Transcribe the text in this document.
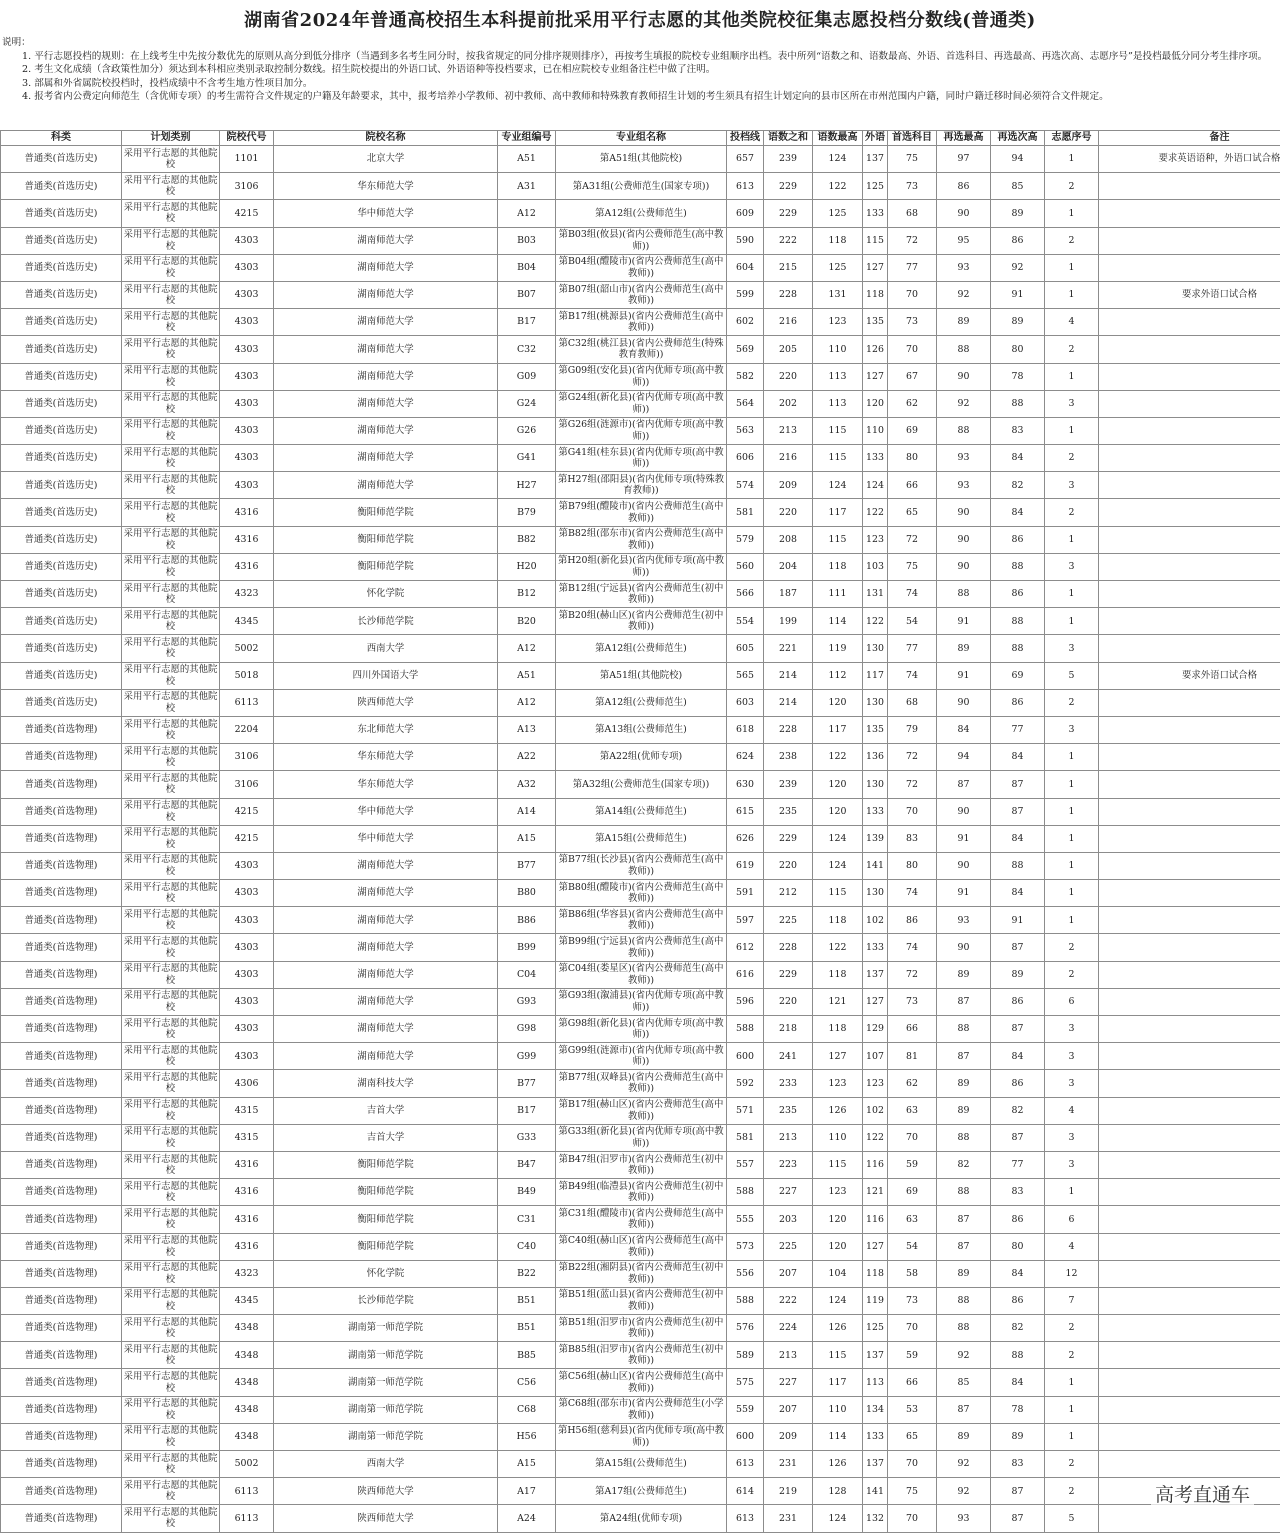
湖南省2024年普通高校招生本科提前批采用平行志愿的其他类院校征集志愿投档分数线(普通类)
说明：
1. 平行志愿投档的规则：在上线考生中先按分数优先的原则从高分到低分排序（当遇到多名考生同分时，按我省规定的同分排序规则排序），再按考生填报的院校专业组顺序出档。表中所列“语数之和、语数最高、外语、首选科目、再选最高、再选次高、志愿序号”是投档最低分同分考生排序项。
2. 考生文化成绩（含政策性加分）须达到本科相应类别录取控制分数线。招生院校提出的外语口试、外语语种等投档要求，已在相应院校专业组备注栏中做了注明。
3. 部属和外省属院校投档时，投档成绩中不含考生地方性项目加分。
4. 报考省内公费定向师范生（含优师专项）的考生需符合文件规定的户籍及年龄要求，其中，报考培养小学教师、初中教师、高中教师和特殊教育教师招生计划的考生须具有招生计划定向的县市区所在市州范围内户籍，同时户籍迁移时间必须符合文件规定。
科类	计划类别	院校代号	院校名称	专业组编号	专业组名称	投档线	语数之和	语数最高	外语	首选科目	再选最高	再选次高	志愿序号	备注
普通类(首选历史)	采用平行志愿的其他院校	1101	北京大学	A51	第A51组(其他院校)	657	239	124	137	75	97	94	1	要求英语语种，外语口试合格
普通类(首选历史)	采用平行志愿的其他院校	3106	华东师范大学	A31	第A31组(公费师范生(国家专项))	613	229	122	125	73	86	85	2	
普通类(首选历史)	采用平行志愿的其他院校	4215	华中师范大学	A12	第A12组(公费师范生)	609	229	125	133	68	90	89	1	
普通类(首选历史)	采用平行志愿的其他院校	4303	湖南师范大学	B03	第B03组(攸县)(省内公费师范生(高中教师))	590	222	118	115	72	95	86	2	
普通类(首选历史)	采用平行志愿的其他院校	4303	湖南师范大学	B04	第B04组(醴陵市)(省内公费师范生(高中教师))	604	215	125	127	77	93	92	1	
普通类(首选历史)	采用平行志愿的其他院校	4303	湖南师范大学	B07	第B07组(韶山市)(省内公费师范生(高中教师))	599	228	131	118	70	92	91	1	要求外语口试合格
普通类(首选历史)	采用平行志愿的其他院校	4303	湖南师范大学	B17	第B17组(桃源县)(省内公费师范生(高中教师))	602	216	123	135	73	89	89	4	
普通类(首选历史)	采用平行志愿的其他院校	4303	湖南师范大学	C32	第C32组(桃江县)(省内公费师范生(特殊教育教师))	569	205	110	126	70	88	80	2	
普通类(首选历史)	采用平行志愿的其他院校	4303	湖南师范大学	G09	第G09组(安化县)(省内优师专项(高中教师))	582	220	113	127	67	90	78	1	
普通类(首选历史)	采用平行志愿的其他院校	4303	湖南师范大学	G24	第G24组(新化县)(省内优师专项(高中教师))	564	202	113	120	62	92	88	3	
普通类(首选历史)	采用平行志愿的其他院校	4303	湖南师范大学	G26	第G26组(涟源市)(省内优师专项(高中教师))	563	213	115	110	69	88	83	1	
普通类(首选历史)	采用平行志愿的其他院校	4303	湖南师范大学	G41	第G41组(桂东县)(省内优师专项(高中教师))	606	216	115	133	80	93	84	2	
普通类(首选历史)	采用平行志愿的其他院校	4303	湖南师范大学	H27	第H27组(邵阳县)(省内优师专项(特殊教育教师))	574	209	124	124	66	93	82	3	
普通类(首选历史)	采用平行志愿的其他院校	4316	衡阳师范学院	B79	第B79组(醴陵市)(省内公费师范生(高中教师))	581	220	117	122	65	90	84	2	
普通类(首选历史)	采用平行志愿的其他院校	4316	衡阳师范学院	B82	第B82组(邵东市)(省内公费师范生(高中教师))	579	208	115	123	72	90	86	1	
普通类(首选历史)	采用平行志愿的其他院校	4316	衡阳师范学院	H20	第H20组(新化县)(省内优师专项(高中教师))	560	204	118	103	75	90	88	3	
普通类(首选历史)	采用平行志愿的其他院校	4323	怀化学院	B12	第B12组(宁远县)(省内公费师范生(初中教师))	566	187	111	131	74	88	86	1	
普通类(首选历史)	采用平行志愿的其他院校	4345	长沙师范学院	B20	第B20组(赫山区)(省内公费师范生(初中教师))	554	199	114	122	54	91	88	1	
普通类(首选历史)	采用平行志愿的其他院校	5002	西南大学	A12	第A12组(公费师范生)	605	221	119	130	77	89	88	3	
普通类(首选历史)	采用平行志愿的其他院校	5018	四川外国语大学	A51	第A51组(其他院校)	565	214	112	117	74	91	69	5	要求外语口试合格
普通类(首选历史)	采用平行志愿的其他院校	6113	陕西师范大学	A12	第A12组(公费师范生)	603	214	120	130	68	90	86	2	
普通类(首选物理)	采用平行志愿的其他院校	2204	东北师范大学	A13	第A13组(公费师范生)	618	228	117	135	79	84	77	3	
普通类(首选物理)	采用平行志愿的其他院校	3106	华东师范大学	A22	第A22组(优师专项)	624	238	122	136	72	94	84	1	
普通类(首选物理)	采用平行志愿的其他院校	3106	华东师范大学	A32	第A32组(公费师范生(国家专项))	630	239	120	130	72	87	87	1	
普通类(首选物理)	采用平行志愿的其他院校	4215	华中师范大学	A14	第A14组(公费师范生)	615	235	120	133	70	90	87	1	
普通类(首选物理)	采用平行志愿的其他院校	4215	华中师范大学	A15	第A15组(公费师范生)	626	229	124	139	83	91	84	1	
普通类(首选物理)	采用平行志愿的其他院校	4303	湖南师范大学	B77	第B77组(长沙县)(省内公费师范生(高中教师))	619	220	124	141	80	90	88	1	
普通类(首选物理)	采用平行志愿的其他院校	4303	湖南师范大学	B80	第B80组(醴陵市)(省内公费师范生(高中教师))	591	212	115	130	74	91	84	1	
普通类(首选物理)	采用平行志愿的其他院校	4303	湖南师范大学	B86	第B86组(华容县)(省内公费师范生(高中教师))	597	225	118	102	86	93	91	1	
普通类(首选物理)	采用平行志愿的其他院校	4303	湖南师范大学	B99	第B99组(宁远县)(省内公费师范生(高中教师))	612	228	122	133	74	90	87	2	
普通类(首选物理)	采用平行志愿的其他院校	4303	湖南师范大学	C04	第C04组(娄星区)(省内公费师范生(高中教师))	616	229	118	137	72	89	89	2	
普通类(首选物理)	采用平行志愿的其他院校	4303	湖南师范大学	G93	第G93组(溆浦县)(省内优师专项(高中教师))	596	220	121	127	73	87	86	6	
普通类(首选物理)	采用平行志愿的其他院校	4303	湖南师范大学	G98	第G98组(新化县)(省内优师专项(高中教师))	588	218	118	129	66	88	87	3	
普通类(首选物理)	采用平行志愿的其他院校	4303	湖南师范大学	G99	第G99组(涟源市)(省内优师专项(高中教师))	600	241	127	107	81	87	84	3	
普通类(首选物理)	采用平行志愿的其他院校	4306	湖南科技大学	B77	第B77组(双峰县)(省内公费师范生(高中教师))	592	233	123	123	62	89	86	3	
普通类(首选物理)	采用平行志愿的其他院校	4315	吉首大学	B17	第B17组(赫山区)(省内公费师范生(高中教师))	571	235	126	102	63	89	82	4	
普通类(首选物理)	采用平行志愿的其他院校	4315	吉首大学	G33	第G33组(新化县)(省内优师专项(高中教师))	581	213	110	122	70	88	87	3	
普通类(首选物理)	采用平行志愿的其他院校	4316	衡阳师范学院	B47	第B47组(汨罗市)(省内公费师范生(初中教师))	557	223	115	116	59	82	77	3	
普通类(首选物理)	采用平行志愿的其他院校	4316	衡阳师范学院	B49	第B49组(临澧县)(省内公费师范生(初中教师))	588	227	123	121	69	88	83	1	
普通类(首选物理)	采用平行志愿的其他院校	4316	衡阳师范学院	C31	第C31组(醴陵市)(省内公费师范生(高中教师))	555	203	120	116	63	87	86	6	
普通类(首选物理)	采用平行志愿的其他院校	4316	衡阳师范学院	C40	第C40组(赫山区)(省内公费师范生(高中教师))	573	225	120	127	54	87	80	4	
普通类(首选物理)	采用平行志愿的其他院校	4323	怀化学院	B22	第B22组(湘阴县)(省内公费师范生(初中教师))	556	207	104	118	58	89	84	12	
普通类(首选物理)	采用平行志愿的其他院校	4345	长沙师范学院	B51	第B51组(蓝山县)(省内公费师范生(初中教师))	588	222	124	119	73	88	86	7	
普通类(首选物理)	采用平行志愿的其他院校	4348	湖南第一师范学院	B51	第B51组(汨罗市)(省内公费师范生(初中教师))	576	224	126	125	70	88	82	2	
普通类(首选物理)	采用平行志愿的其他院校	4348	湖南第一师范学院	B85	第B85组(汨罗市)(省内公费师范生(初中教师))	589	213	115	137	59	92	88	2	
普通类(首选物理)	采用平行志愿的其他院校	4348	湖南第一师范学院	C56	第C56组(赫山区)(省内公费师范生(高中教师))	575	227	117	113	66	85	84	1	
普通类(首选物理)	采用平行志愿的其他院校	4348	湖南第一师范学院	C68	第C68组(邵东市)(省内公费师范生(小学教师))	559	207	110	134	53	87	78	1	
普通类(首选物理)	采用平行志愿的其他院校	4348	湖南第一师范学院	H56	第H56组(慈利县)(省内优师专项(高中教师))	600	209	114	133	65	89	89	1	
普通类(首选物理)	采用平行志愿的其他院校	5002	西南大学	A15	第A15组(公费师范生)	613	231	126	137	70	92	83	2	
普通类(首选物理)	采用平行志愿的其他院校	6113	陕西师范大学	A17	第A17组(公费师范生)	614	219	128	141	75	92	87	2	
普通类(首选物理)	采用平行志愿的其他院校	6113	陕西师范大学	A24	第A24组(优师专项)	613	231	124	132	70	93	87	5	
高考直通车
